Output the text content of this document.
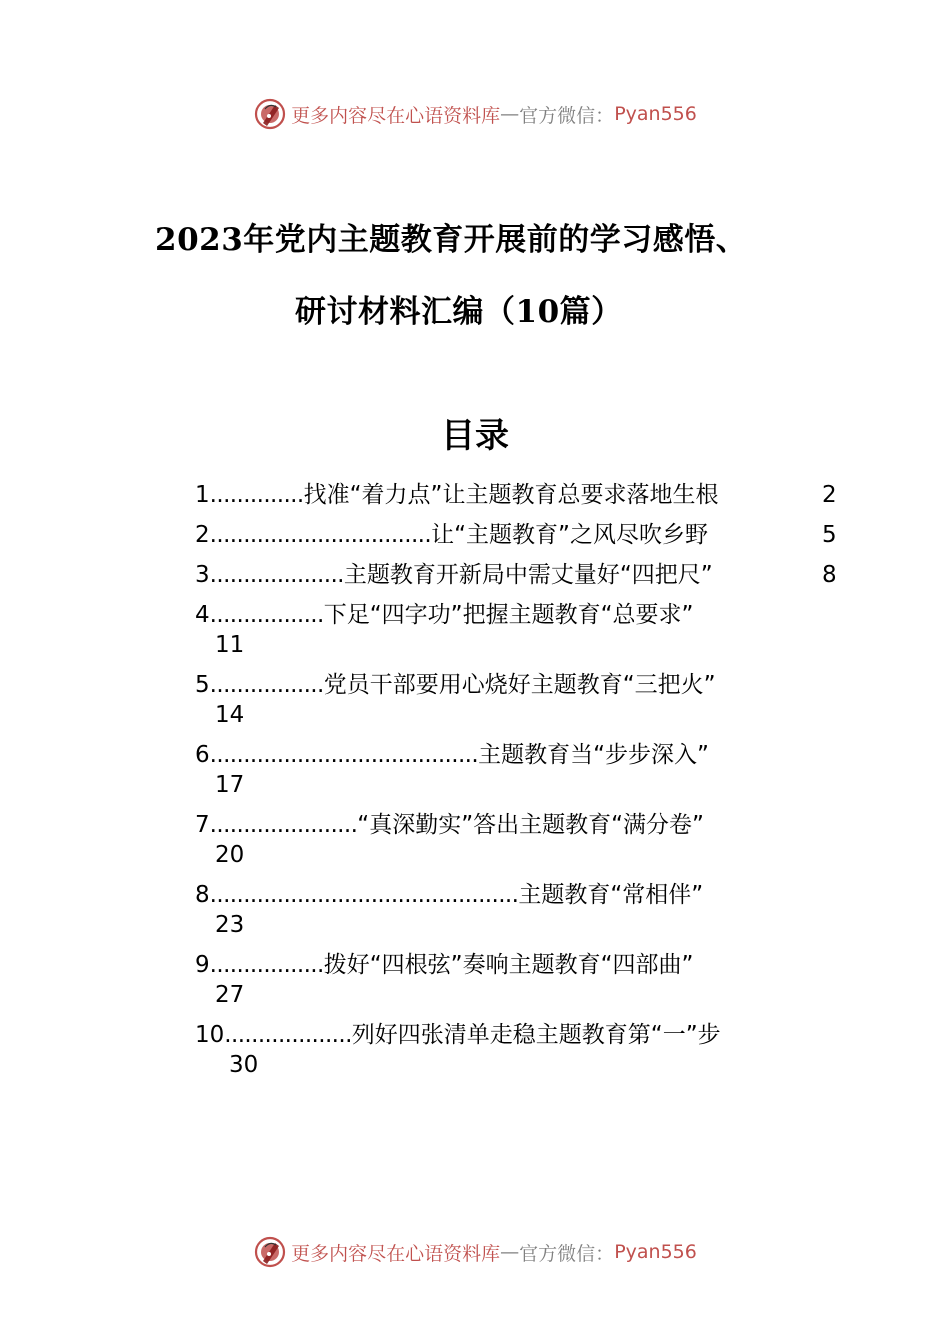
更多内容尽在心语资料库 — 官方微信： Pyan556
2023年党内主题教育开展前的学习感悟、
研讨材料汇编（10篇）
目录
1..............找准“着力点”让主题教育总要求落地生根	2
2.................................让“主题教育”之风尽吹乡野	5
3....................主题教育开新局中需丈量好“四把尺”	8
4.................下足“四字功”把握主题教育“总要求”
11
5.................党员干部要用心烧好主题教育“三把火”
14
6........................................主题教育当“步步深入”
17
7......................“真深勤实”答出主题教育“满分卷”
20
8..............................................主题教育“常相伴”
23
9.................拨好“四根弦”奏响主题教育“四部曲”
27
10...................列好四张清单走稳主题教育第“一”步
30
更多内容尽在心语资料库 — 官方微信： Pyan556
